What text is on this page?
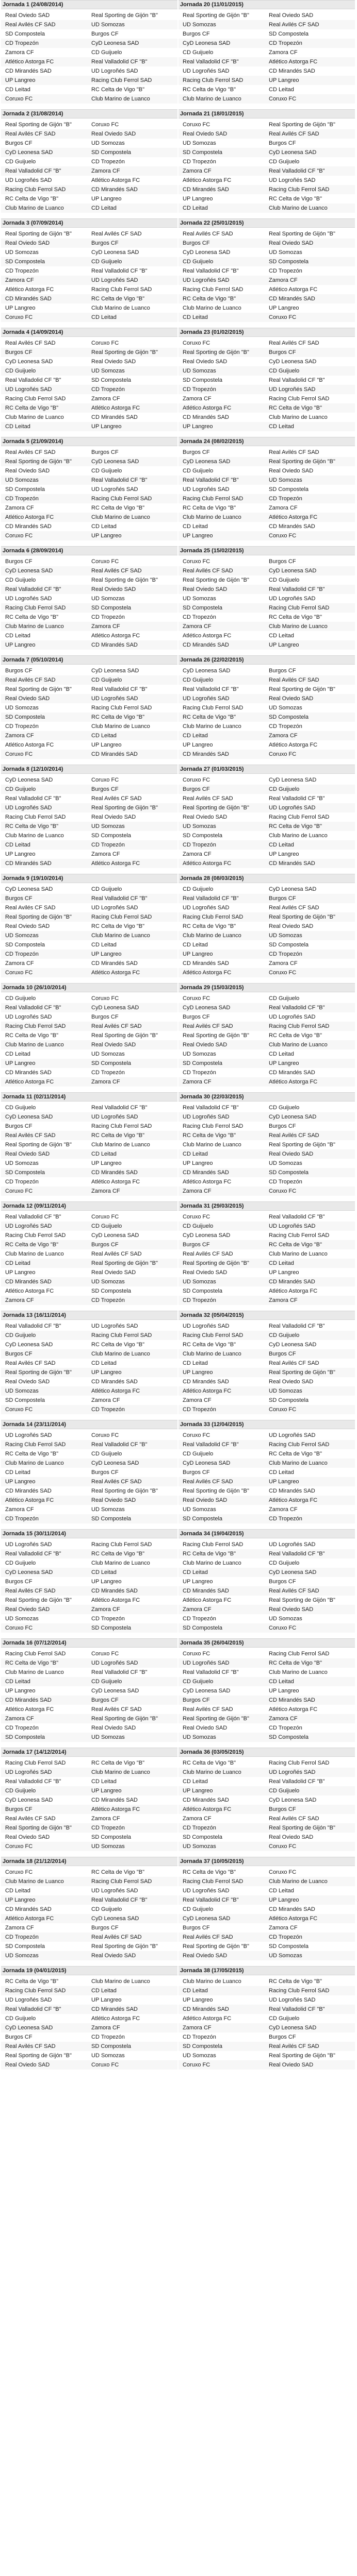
Jornada 1 (24/08/2014)
Real Oviedo SAD	Real Sporting de Gijón "B"
Real Avilés CF SAD	UD Somozas
SD Compostela	Burgos CF
CD Tropezón	CyD Leonesa SAD
Zamora CF	CD Guijuelo
Atlético Astorga FC	Real Valladolid CF "B"
CD Mirandés SAD	UD Logroñés SAD
UP Langreo	Racing Club Ferrol SAD
CD Leitad	RC Celta de Vigo "B"
Coruxo FC	Club Marino de Luanco
Jornada 20 (11/01/2015)
Real Sporting de Gijón "B"	Real Oviedo SAD
UD Somozas	Real Avilés CF SAD
Burgos CF	SD Compostela
CyD Leonesa SAD	CD Tropezón
CD Guijuelo	Zamora CF
Real Valladolid CF "B"	Atlético Astorga FC
UD Logroñés SAD	CD Mirandés SAD
Racing Club Ferrol SAD	UP Langreo
RC Celta de Vigo "B"	CD Leitad
Club Marino de Luanco	Coruxo FC
Jornada 2 (31/08/2014)
Real Sporting de Gijón "B"	Coruxo FC
Real Avilés CF SAD	Real Oviedo SAD
Burgos CF	UD Somozas
CyD Leonesa SAD	SD Compostela
CD Guijuelo	CD Tropezón
Real Valladolid CF "B"	Zamora CF
UD Logroñés SAD	Atlético Astorga FC
Racing Club Ferrol SAD	CD Mirandés SAD
RC Celta de Vigo "B"	UP Langreo
Club Marino de Luanco	CD Leitad
Jornada 21 (18/01/2015)
Coruxo FC	Real Sporting de Gijón "B"
Real Oviedo SAD	Real Avilés CF SAD
UD Somozas	Burgos CF
SD Compostela	CyD Leonesa SAD
CD Tropezón	CD Guijuelo
Zamora CF	Real Valladolid CF "B"
Atlético Astorga FC	UD Logroñés SAD
CD Mirandés SAD	Racing Club Ferrol SAD
UP Langreo	RC Celta de Vigo "B"
CD Leitad	Club Marino de Luanco
Jornada 3 (07/09/2014)
Real Sporting de Gijón "B"	Real Avilés CF SAD
Real Oviedo SAD	Burgos CF
UD Somozas	CyD Leonesa SAD
SD Compostela	CD Guijuelo
CD Tropezón	Real Valladolid CF "B"
Zamora CF	UD Logroñés SAD
Atlético Astorga FC	Racing Club Ferrol SAD
CD Mirandés SAD	RC Celta de Vigo "B"
UP Langreo	Club Marino de Luanco
Coruxo FC	CD Leitad
Jornada 22 (25/01/2015)
Real Avilés CF SAD	Real Sporting de Gijón "B"
Burgos CF	Real Oviedo SAD
CyD Leonesa SAD	UD Somozas
CD Guijuelo	SD Compostela
Real Valladolid CF "B"	CD Tropezón
UD Logroñés SAD	Zamora CF
Racing Club Ferrol SAD	Atlético Astorga FC
RC Celta de Vigo "B"	CD Mirandés SAD
Club Marino de Luanco	UP Langreo
CD Leitad	Coruxo FC
Jornada 4 (14/09/2014)
Real Avilés CF SAD	Coruxo FC
Burgos CF	Real Sporting de Gijón "B"
CyD Leonesa SAD	Real Oviedo SAD
CD Guijuelo	UD Somozas
Real Valladolid CF "B"	SD Compostela
UD Logroñés SAD	CD Tropezón
Racing Club Ferrol SAD	Zamora CF
RC Celta de Vigo "B"	Atlético Astorga FC
Club Marino de Luanco	CD Mirandés SAD
CD Leitad	UP Langreo
Jornada 23 (01/02/2015)
Coruxo FC	Real Avilés CF SAD
Real Sporting de Gijón "B"	Burgos CF
Real Oviedo SAD	CyD Leonesa SAD
UD Somozas	CD Guijuelo
SD Compostela	Real Valladolid CF "B"
CD Tropezón	UD Logroñés SAD
Zamora CF	Racing Club Ferrol SAD
Atlético Astorga FC	RC Celta de Vigo "B"
CD Mirandés SAD	Club Marino de Luanco
UP Langreo	CD Leitad
Jornada 5 (21/09/2014)
Real Avilés CF SAD	Burgos CF
Real Sporting de Gijón "B"	CyD Leonesa SAD
Real Oviedo SAD	CD Guijuelo
UD Somozas	Real Valladolid CF "B"
SD Compostela	UD Logroñés SAD
CD Tropezón	Racing Club Ferrol SAD
Zamora CF	RC Celta de Vigo "B"
Atlético Astorga FC	Club Marino de Luanco
CD Mirandés SAD	CD Leitad
Coruxo FC	UP Langreo
Jornada 24 (08/02/2015)
Burgos CF	Real Avilés CF SAD
CyD Leonesa SAD	Real Sporting de Gijón "B"
CD Guijuelo	Real Oviedo SAD
Real Valladolid CF "B"	UD Somozas
UD Logroñés SAD	SD Compostela
Racing Club Ferrol SAD	CD Tropezón
RC Celta de Vigo "B"	Zamora CF
Club Marino de Luanco	Atlético Astorga FC
CD Leitad	CD Mirandés SAD
UP Langreo	Coruxo FC
Jornada 6 (28/09/2014)
Burgos CF	Coruxo FC
CyD Leonesa SAD	Real Avilés CF SAD
CD Guijuelo	Real Sporting de Gijón "B"
Real Valladolid CF "B"	Real Oviedo SAD
UD Logroñés SAD	UD Somozas
Racing Club Ferrol SAD	SD Compostela
RC Celta de Vigo "B"	CD Tropezón
Club Marino de Luanco	Zamora CF
CD Leitad	Atlético Astorga FC
UP Langreo	CD Mirandés SAD
Jornada 25 (15/02/2015)
Coruxo FC	Burgos CF
Real Avilés CF SAD	CyD Leonesa SAD
Real Sporting de Gijón "B"	CD Guijuelo
Real Oviedo SAD	Real Valladolid CF "B"
UD Somozas	UD Logroñés SAD
SD Compostela	Racing Club Ferrol SAD
CD Tropezón	RC Celta de Vigo "B"
Zamora CF	Club Marino de Luanco
Atlético Astorga FC	CD Leitad
CD Mirandés SAD	UP Langreo
Jornada 7 (05/10/2014)
Burgos CF	CyD Leonesa SAD
Real Avilés CF SAD	CD Guijuelo
Real Sporting de Gijón "B"	Real Valladolid CF "B"
Real Oviedo SAD	UD Logroñés SAD
UD Somozas	Racing Club Ferrol SAD
SD Compostela	RC Celta de Vigo "B"
CD Tropezón	Club Marino de Luanco
Zamora CF	CD Leitad
Atlético Astorga FC	UP Langreo
Coruxo FC	CD Mirandés SAD
Jornada 26 (22/02/2015)
CyD Leonesa SAD	Burgos CF
CD Guijuelo	Real Avilés CF SAD
Real Valladolid CF "B"	Real Sporting de Gijón "B"
UD Logroñés SAD	Real Oviedo SAD
Racing Club Ferrol SAD	UD Somozas
RC Celta de Vigo "B"	SD Compostela
Club Marino de Luanco	CD Tropezón
CD Leitad	Zamora CF
UP Langreo	Atlético Astorga FC
CD Mirandés SAD	Coruxo FC
Jornada 8 (12/10/2014)
CyD Leonesa SAD	Coruxo FC
CD Guijuelo	Burgos CF
Real Valladolid CF "B"	Real Avilés CF SAD
UD Logroñés SAD	Real Sporting de Gijón "B"
Racing Club Ferrol SAD	Real Oviedo SAD
RC Celta de Vigo "B"	UD Somozas
Club Marino de Luanco	SD Compostela
CD Leitad	CD Tropezón
UP Langreo	Zamora CF
CD Mirandés SAD	Atlético Astorga FC
Jornada 27 (01/03/2015)
Coruxo FC	CyD Leonesa SAD
Burgos CF	CD Guijuelo
Real Avilés CF SAD	Real Valladolid CF "B"
Real Sporting de Gijón "B"	UD Logroñés SAD
Real Oviedo SAD	Racing Club Ferrol SAD
UD Somozas	RC Celta de Vigo "B"
SD Compostela	Club Marino de Luanco
CD Tropezón	CD Leitad
Zamora CF	UP Langreo
Atlético Astorga FC	CD Mirandés SAD
Jornada 9 (19/10/2014)
CyD Leonesa SAD	CD Guijuelo
Burgos CF	Real Valladolid CF "B"
Real Avilés CF SAD	UD Logroñés SAD
Real Sporting de Gijón "B"	Racing Club Ferrol SAD
Real Oviedo SAD	RC Celta de Vigo "B"
UD Somozas	Club Marino de Luanco
SD Compostela	CD Leitad
CD Tropezón	UP Langreo
Zamora CF	CD Mirandés SAD
Coruxo FC	Atlético Astorga FC
Jornada 28 (08/03/2015)
CD Guijuelo	CyD Leonesa SAD
Real Valladolid CF "B"	Burgos CF
UD Logroñés SAD	Real Avilés CF SAD
Racing Club Ferrol SAD	Real Sporting de Gijón "B"
RC Celta de Vigo "B"	Real Oviedo SAD
Club Marino de Luanco	UD Somozas
CD Leitad	SD Compostela
UP Langreo	CD Tropezón
CD Mirandés SAD	Zamora CF
Atlético Astorga FC	Coruxo FC
Jornada 10 (26/10/2014)
CD Guijuelo	Coruxo FC
Real Valladolid CF "B"	CyD Leonesa SAD
UD Logroñés SAD	Burgos CF
Racing Club Ferrol SAD	Real Avilés CF SAD
RC Celta de Vigo "B"	Real Sporting de Gijón "B"
Club Marino de Luanco	Real Oviedo SAD
CD Leitad	UD Somozas
UP Langreo	SD Compostela
CD Mirandés SAD	CD Tropezón
Atlético Astorga FC	Zamora CF
Jornada 29 (15/03/2015)
Coruxo FC	CD Guijuelo
CyD Leonesa SAD	Real Valladolid CF "B"
Burgos CF	UD Logroñés SAD
Real Avilés CF SAD	Racing Club Ferrol SAD
Real Sporting de Gijón "B"	RC Celta de Vigo "B"
Real Oviedo SAD	Club Marino de Luanco
UD Somozas	CD Leitad
SD Compostela	UP Langreo
CD Tropezón	CD Mirandés SAD
Zamora CF	Atlético Astorga FC
Jornada 11 (02/11/2014)
CD Guijuelo	Real Valladolid CF "B"
CyD Leonesa SAD	UD Logroñés SAD
Burgos CF	Racing Club Ferrol SAD
Real Avilés CF SAD	RC Celta de Vigo "B"
Real Sporting de Gijón "B"	Club Marino de Luanco
Real Oviedo SAD	CD Leitad
UD Somozas	UP Langreo
SD Compostela	CD Mirandés SAD
CD Tropezón	Atlético Astorga FC
Coruxo FC	Zamora CF
Jornada 30 (22/03/2015)
Real Valladolid CF "B"	CD Guijuelo
UD Logroñés SAD	CyD Leonesa SAD
Racing Club Ferrol SAD	Burgos CF
RC Celta de Vigo "B"	Real Avilés CF SAD
Club Marino de Luanco	Real Sporting de Gijón "B"
CD Leitad	Real Oviedo SAD
UP Langreo	UD Somozas
CD Mirandés SAD	SD Compostela
Atlético Astorga FC	CD Tropezón
Zamora CF	Coruxo FC
Jornada 12 (09/11/2014)
Real Valladolid CF "B"	Coruxo FC
UD Logroñés SAD	CD Guijuelo
Racing Club Ferrol SAD	CyD Leonesa SAD
RC Celta de Vigo "B"	Burgos CF
Club Marino de Luanco	Real Avilés CF SAD
CD Leitad	Real Sporting de Gijón "B"
UP Langreo	Real Oviedo SAD
CD Mirandés SAD	UD Somozas
Atlético Astorga FC	SD Compostela
Zamora CF	CD Tropezón
Jornada 31 (29/03/2015)
Coruxo FC	Real Valladolid CF "B"
CD Guijuelo	UD Logroñés SAD
CyD Leonesa SAD	Racing Club Ferrol SAD
Burgos CF	RC Celta de Vigo "B"
Real Avilés CF SAD	Club Marino de Luanco
Real Sporting de Gijón "B"	CD Leitad
Real Oviedo SAD	UP Langreo
UD Somozas	CD Mirandés SAD
SD Compostela	Atlético Astorga FC
CD Tropezón	Zamora CF
Jornada 13 (16/11/2014)
Real Valladolid CF "B"	UD Logroñés SAD
CD Guijuelo	Racing Club Ferrol SAD
CyD Leonesa SAD	RC Celta de Vigo "B"
Burgos CF	Club Marino de Luanco
Real Avilés CF SAD	CD Leitad
Real Sporting de Gijón "B"	UP Langreo
Real Oviedo SAD	CD Mirandés SAD
UD Somozas	Atlético Astorga FC
SD Compostela	Zamora CF
Coruxo FC	CD Tropezón
Jornada 32 (05/04/2015)
UD Logroñés SAD	Real Valladolid CF "B"
Racing Club Ferrol SAD	CD Guijuelo
RC Celta de Vigo "B"	CyD Leonesa SAD
Club Marino de Luanco	Burgos CF
CD Leitad	Real Avilés CF SAD
UP Langreo	Real Sporting de Gijón "B"
CD Mirandés SAD	Real Oviedo SAD
Atlético Astorga FC	UD Somozas
Zamora CF	SD Compostela
CD Tropezón	Coruxo FC
Jornada 14 (23/11/2014)
UD Logroñés SAD	Coruxo FC
Racing Club Ferrol SAD	Real Valladolid CF "B"
RC Celta de Vigo "B"	CD Guijuelo
Club Marino de Luanco	CyD Leonesa SAD
CD Leitad	Burgos CF
UP Langreo	Real Avilés CF SAD
CD Mirandés SAD	Real Sporting de Gijón "B"
Atlético Astorga FC	Real Oviedo SAD
Zamora CF	UD Somozas
CD Tropezón	SD Compostela
Jornada 33 (12/04/2015)
Coruxo FC	UD Logroñés SAD
Real Valladolid CF "B"	Racing Club Ferrol SAD
CD Guijuelo	RC Celta de Vigo "B"
CyD Leonesa SAD	Club Marino de Luanco
Burgos CF	CD Leitad
Real Avilés CF SAD	UP Langreo
Real Sporting de Gijón "B"	CD Mirandés SAD
Real Oviedo SAD	Atlético Astorga FC
UD Somozas	Zamora CF
SD Compostela	CD Tropezón
Jornada 15 (30/11/2014)
UD Logroñés SAD	Racing Club Ferrol SAD
Real Valladolid CF "B"	RC Celta de Vigo "B"
CD Guijuelo	Club Marino de Luanco
CyD Leonesa SAD	CD Leitad
Burgos CF	UP Langreo
Real Avilés CF SAD	CD Mirandés SAD
Real Sporting de Gijón "B"	Atlético Astorga FC
Real Oviedo SAD	Zamora CF
UD Somozas	CD Tropezón
Coruxo FC	SD Compostela
Jornada 34 (19/04/2015)
Racing Club Ferrol SAD	UD Logroñés SAD
RC Celta de Vigo "B"	Real Valladolid CF "B"
Club Marino de Luanco	CD Guijuelo
CD Leitad	CyD Leonesa SAD
UP Langreo	Burgos CF
CD Mirandés SAD	Real Avilés CF SAD
Atlético Astorga FC	Real Sporting de Gijón "B"
Zamora CF	Real Oviedo SAD
CD Tropezón	UD Somozas
SD Compostela	Coruxo FC
Jornada 16 (07/12/2014)
Racing Club Ferrol SAD	Coruxo FC
RC Celta de Vigo "B"	UD Logroñés SAD
Club Marino de Luanco	Real Valladolid CF "B"
CD Leitad	CD Guijuelo
UP Langreo	CyD Leonesa SAD
CD Mirandés SAD	Burgos CF
Atlético Astorga FC	Real Avilés CF SAD
Zamora CF	Real Sporting de Gijón "B"
CD Tropezón	Real Oviedo SAD
SD Compostela	UD Somozas
Jornada 35 (26/04/2015)
Coruxo FC	Racing Club Ferrol SAD
UD Logroñés SAD	RC Celta de Vigo "B"
Real Valladolid CF "B"	Club Marino de Luanco
CD Guijuelo	CD Leitad
CyD Leonesa SAD	UP Langreo
Burgos CF	CD Mirandés SAD
Real Avilés CF SAD	Atlético Astorga FC
Real Sporting de Gijón "B"	Zamora CF
Real Oviedo SAD	CD Tropezón
UD Somozas	SD Compostela
Jornada 17 (14/12/2014)
Racing Club Ferrol SAD	RC Celta de Vigo "B"
UD Logroñés SAD	Club Marino de Luanco
Real Valladolid CF "B"	CD Leitad
CD Guijuelo	UP Langreo
CyD Leonesa SAD	CD Mirandés SAD
Burgos CF	Atlético Astorga FC
Real Avilés CF SAD	Zamora CF
Real Sporting de Gijón "B"	CD Tropezón
Real Oviedo SAD	SD Compostela
Coruxo FC	UD Somozas
Jornada 36 (03/05/2015)
RC Celta de Vigo "B"	Racing Club Ferrol SAD
Club Marino de Luanco	UD Logroñés SAD
CD Leitad	Real Valladolid CF "B"
UP Langreo	CD Guijuelo
CD Mirandés SAD	CyD Leonesa SAD
Atlético Astorga FC	Burgos CF
Zamora CF	Real Avilés CF SAD
CD Tropezón	Real Sporting de Gijón "B"
SD Compostela	Real Oviedo SAD
UD Somozas	Coruxo FC
Jornada 18 (21/12/2014)
Coruxo FC	RC Celta de Vigo "B"
Club Marino de Luanco	Racing Club Ferrol SAD
CD Leitad	UD Logroñés SAD
UP Langreo	Real Valladolid CF "B"
CD Mirandés SAD	CD Guijuelo
Atlético Astorga FC	CyD Leonesa SAD
Zamora CF	Burgos CF
CD Tropezón	Real Avilés CF SAD
SD Compostela	Real Sporting de Gijón "B"
UD Somozas	Real Oviedo SAD
Jornada 37 (10/05/2015)
RC Celta de Vigo "B"	Coruxo FC
Racing Club Ferrol SAD	Club Marino de Luanco
UD Logroñés SAD	CD Leitad
Real Valladolid CF "B"	UP Langreo
CD Guijuelo	CD Mirandés SAD
CyD Leonesa SAD	Atlético Astorga FC
Burgos CF	Zamora CF
Real Avilés CF SAD	CD Tropezón
Real Sporting de Gijón "B"	SD Compostela
Real Oviedo SAD	UD Somozas
Jornada 19 (04/01/2015)
RC Celta de Vigo "B"	Club Marino de Luanco
Racing Club Ferrol SAD	CD Leitad
UD Logroñés SAD	UP Langreo
Real Valladolid CF "B"	CD Mirandés SAD
CD Guijuelo	Atlético Astorga FC
CyD Leonesa SAD	Zamora CF
Burgos CF	CD Tropezón
Real Avilés CF SAD	SD Compostela
Real Sporting de Gijón "B"	UD Somozas
Real Oviedo SAD	Coruxo FC
Jornada 38 (17/05/2015)
Club Marino de Luanco	RC Celta de Vigo "B"
CD Leitad	Racing Club Ferrol SAD
UP Langreo	UD Logroñés SAD
CD Mirandés SAD	Real Valladolid CF "B"
Atlético Astorga FC	CD Guijuelo
Zamora CF	CyD Leonesa SAD
CD Tropezón	Burgos CF
SD Compostela	Real Avilés CF SAD
UD Somozas	Real Sporting de Gijón "B"
Coruxo FC	Real Oviedo SAD
